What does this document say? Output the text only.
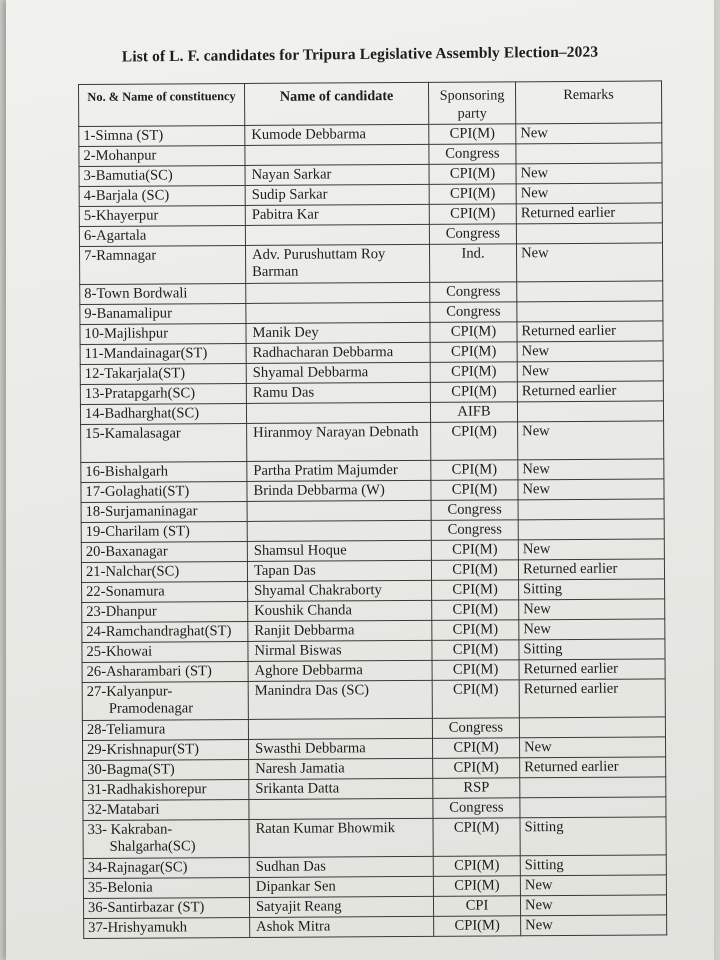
List of L. F. candidates for Tripura Legislative Assembly Election–2023
No. & Name of constituency	Name of candidate	Sponsoring party	Remarks
1-Simna (ST)	Kumode Debbarma	CPI(M)	New
2-Mohanpur		Congress	
3-Bamutia(SC)	Nayan Sarkar	CPI(M)	New
4-Barjala (SC)	Sudip Sarkar	CPI(M)	New
5-Khayerpur	Pabitra Kar	CPI(M)	Returned earlier
6-Agartala		Congress	
7-Ramnagar	Adv. Purushuttam Roy Barman	Ind.	New
8-Town Bordwali		Congress	
9-Banamalipur		Congress	
10-Majlishpur	Manik Dey	CPI(M)	Returned earlier
11-Mandainagar(ST)	Radhacharan Debbarma	CPI(M)	New
12-Takarjala(ST)	Shyamal Debbarma	CPI(M)	New
13-Pratapgarh(SC)	Ramu Das	CPI(M)	Returned earlier
14-Badharghat(SC)		AIFB	
15-Kamalasagar	Hiranmoy Narayan Debnath	CPI(M)	New
16-Bishalgarh	Partha Pratim Majumder	CPI(M)	New
17-Golaghati(ST)	Brinda Debbarma (W)	CPI(M)	New
18-Surjamaninagar		Congress	
19-Charilam (ST)		Congress	
20-Baxanagar	Shamsul Hoque	CPI(M)	New
21-Nalchar(SC)	Tapan Das	CPI(M)	Returned earlier
22-Sonamura	Shyamal Chakraborty	CPI(M)	Sitting
23-Dhanpur	Koushik Chanda	CPI(M)	New
24-Ramchandraghat(ST)	Ranjit Debbarma	CPI(M)	New
25-Khowai	Nirmal Biswas	CPI(M)	Sitting
26-Asharambari (ST)	Aghore Debbarma	CPI(M)	Returned earlier
27-Kalyanpur-
Pramodenagar	Manindra Das (SC)	CPI(M)	Returned earlier
28-Teliamura		Congress	
29-Krishnapur(ST)	Swasthi Debbarma	CPI(M)	New
30-Bagma(ST)	Naresh Jamatia	CPI(M)	Returned earlier
31-Radhakishorepur	Srikanta Datta	RSP	
32-Matabari		Congress	
33- Kakraban-
Shalgarha(SC)	Ratan Kumar Bhowmik	CPI(M)	Sitting
34-Rajnagar(SC)	Sudhan Das	CPI(M)	Sitting
35-Belonia	Dipankar Sen	CPI(M)	New
36-Santirbazar (ST)	Satyajit Reang	CPI	New
37-Hrishyamukh	Ashok Mitra	CPI(M)	New
